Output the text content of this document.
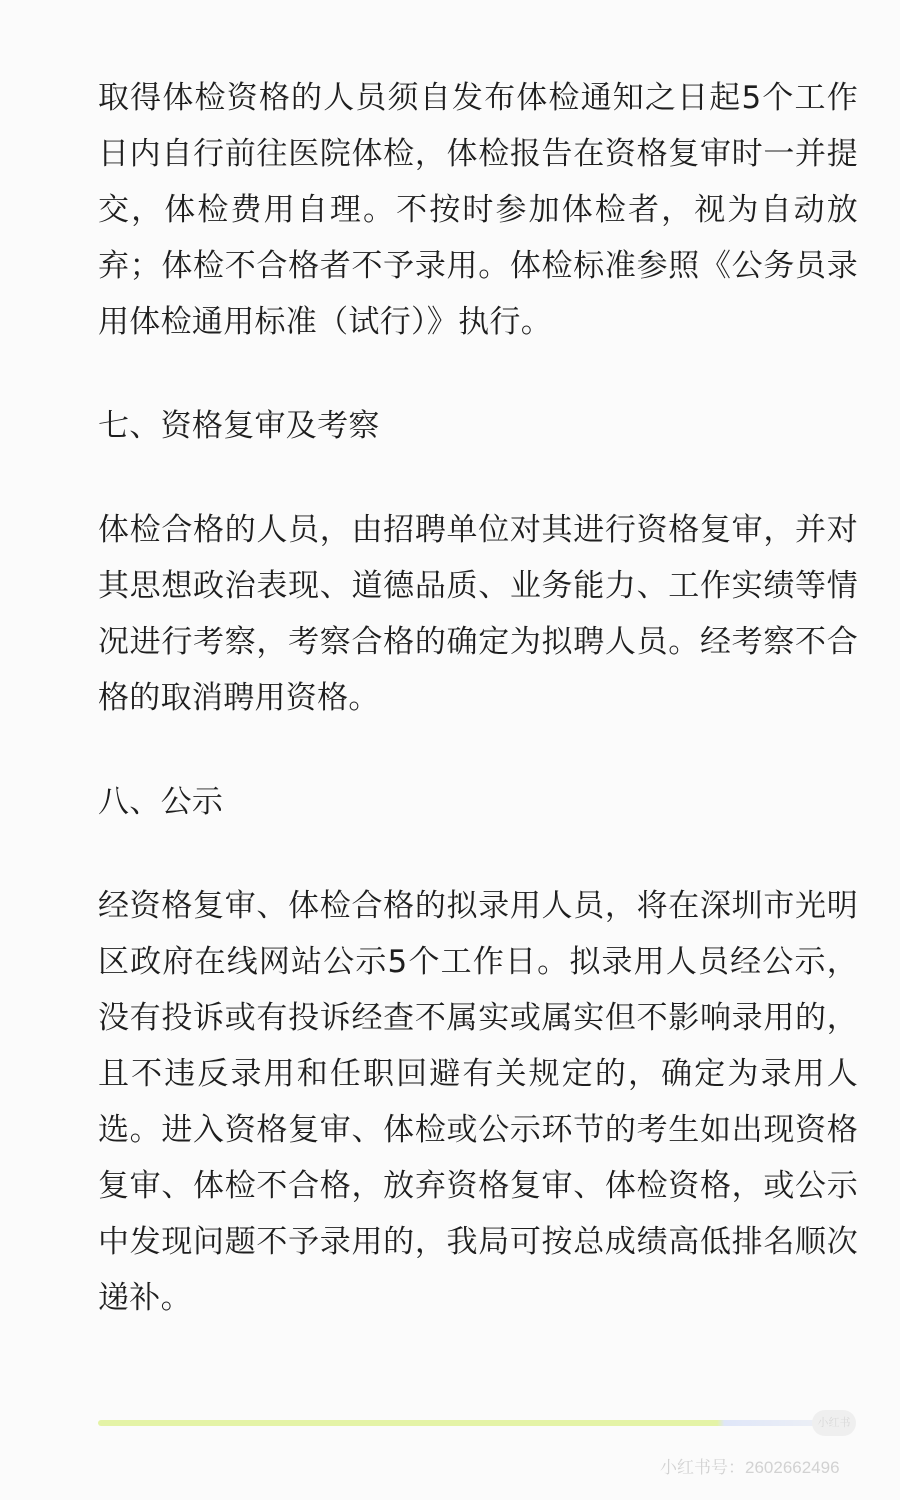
取得体检资格的人员须自发布体检通知之日起5个工作日内自行前往医院体检，体检报告在资格复审时一并提交，体检费用自理。不按时参加体检者，视为自动放弃；体检不合格者不予录用。体检标准参照《公务员录用体检通用标准（试行）》执行。

七、资格复审及考察

体检合格的人员，由招聘单位对其进行资格复审，并对其思想政治表现、道德品质、业务能力、工作实绩等情况进行考察，考察合格的确定为拟聘人员。经考察不合格的取消聘用资格。

八、公示

经资格复审、体检合格的拟录用人员，将在深圳市光明区政府在线网站公示5个工作日。拟录用人员经公示，没有投诉或有投诉经查不属实或属实但不影响录用的，且不违反录用和任职回避有关规定的，确定为录用人选。进入资格复审、体检或公示环节的考生如出现资格复审、体检不合格，放弃资格复审、体检资格，或公示中发现问题不予录用的，我局可按总成绩高低排名顺次递补。

小红书
小红书号：2602662496
